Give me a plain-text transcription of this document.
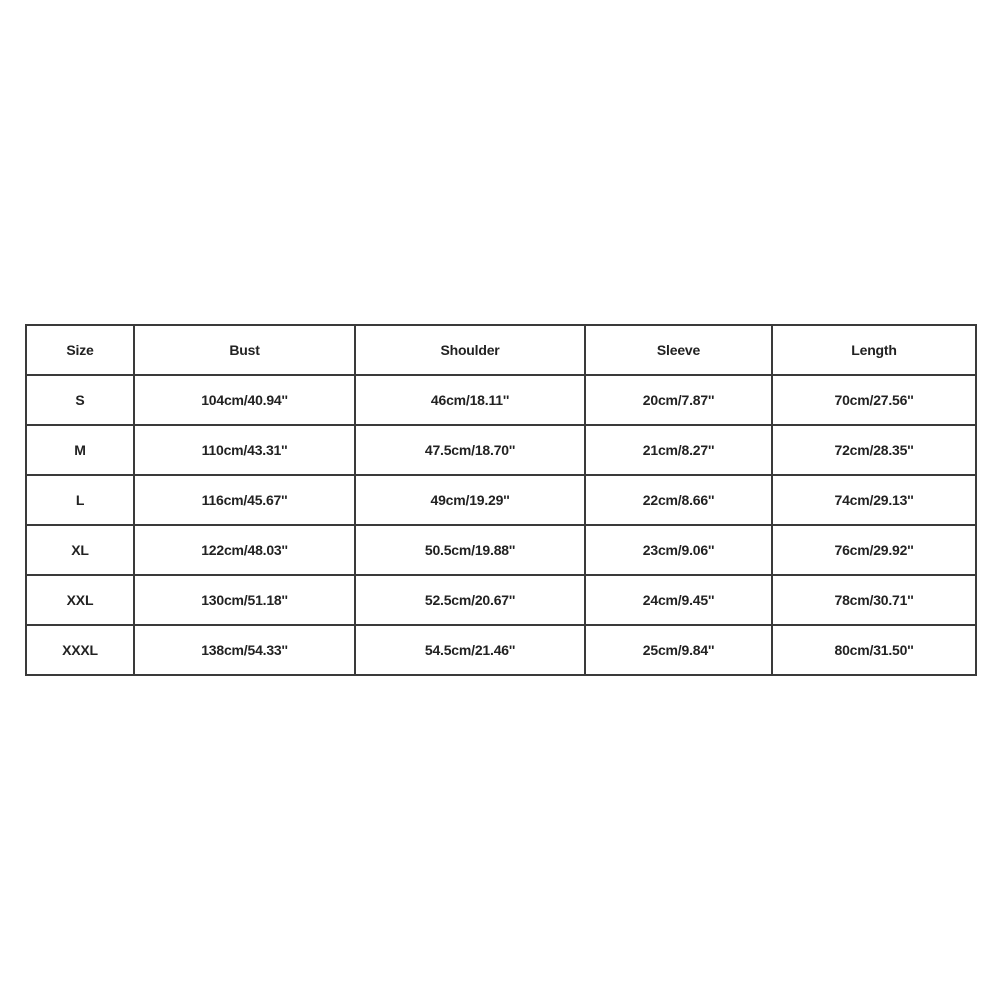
Size	Bust	Shoulder	Sleeve	Length
S	104cm/40.94''	46cm/18.11''	20cm/7.87''	70cm/27.56''
M	110cm/43.31''	47.5cm/18.70''	21cm/8.27''	72cm/28.35''
L	116cm/45.67''	49cm/19.29''	22cm/8.66''	74cm/29.13''
XL	122cm/48.03''	50.5cm/19.88''	23cm/9.06''	76cm/29.92''
XXL	130cm/51.18''	52.5cm/20.67''	24cm/9.45''	78cm/30.71''
XXXL	138cm/54.33''	54.5cm/21.46''	25cm/9.84''	80cm/31.50''
